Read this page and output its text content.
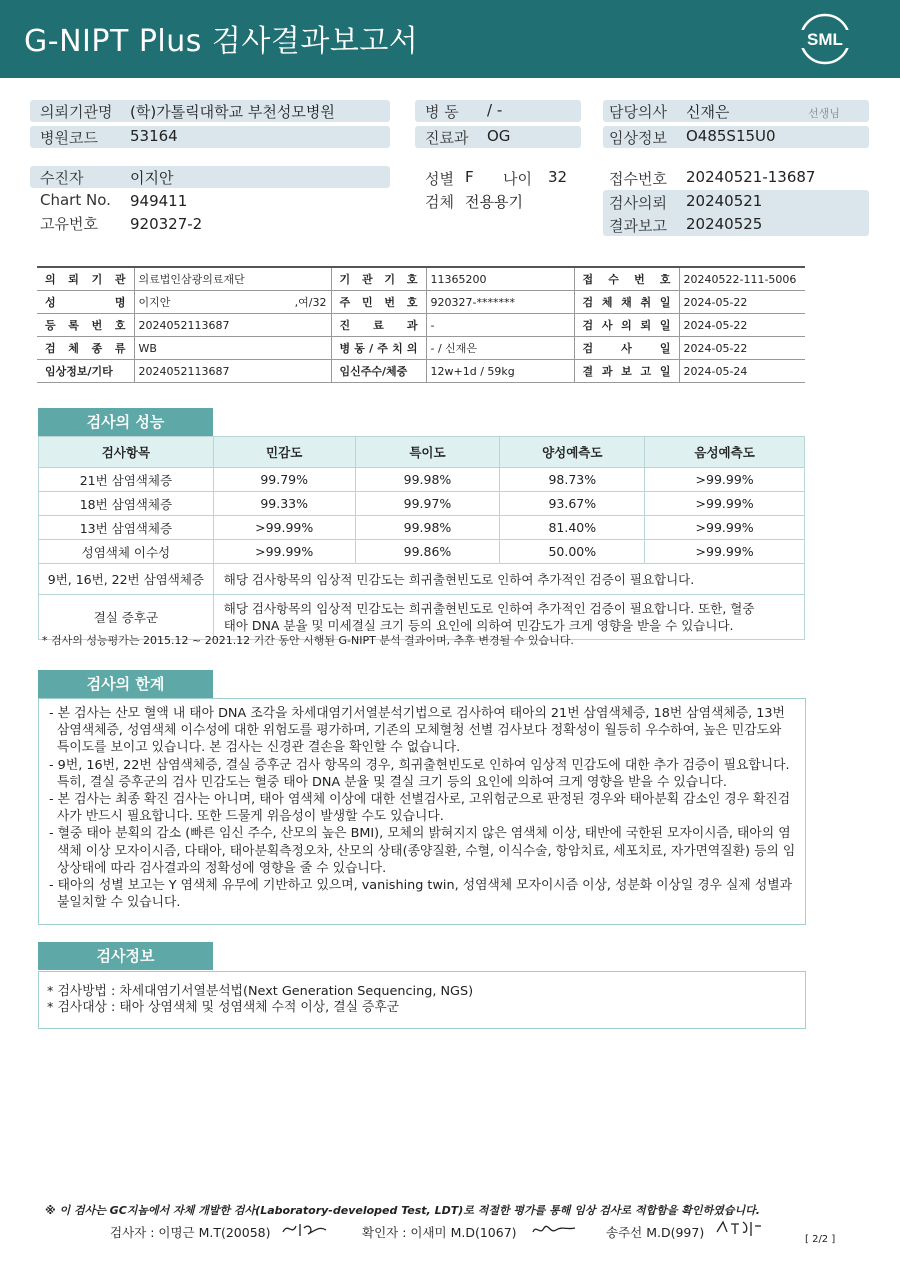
G-NIPT Plus 검사결과보고서	SML
의뢰기관명 (학)가톨릭대학교 부천성모병원	병 동 / -	담당의사 신재은	선생님
병원코드 53164	진료과 OG	임상정보 O485S15U0
수진자	이지안	성별 F 나이 32	접수번호 20240521-13687
Chart No. 949411	검체 전용용기	검사의뢰 20240521
고유번호 920327-2	결과보고 20240525
의 뢰 기 관	의료법인삼광의료재단	기 관 기 호	11365200	접 수 번 호	20240522-111-5006
성 명	이지안 ,여/32	주 민 번 호	920327-*******	검 체 채 취 일	2024-05-22
등 록 번 호	2024052113687	진 료 과	-	검 사 의 뢰 일	2024-05-22
검 체 종 류	WB	병 동 / 주 치 의	- / 신재은	검 사 일	2024-05-22
임상정보/기타	2024052113687	임신주수/체중	12w+1d / 59kg	결 과 보 고 일	2024-05-24
검사의 성능
검사항목	민감도	특이도	양성예측도	음성예측도
21번 삼염색체증	99.79%	99.98%	98.73%	>99.99%
18번 삼염색체증	99.33%	99.97%	93.67%	>99.99%
13번 삼염색체증	>99.99%	99.98%	81.40%	>99.99%
성염색체 이수성	>99.99%	99.86%	50.00%	>99.99%
9번, 16번, 22번 삼염색체증	해당 검사항목의 임상적 민감도는 희귀출현빈도로 인하여 추가적인 검증이 필요합니다.			
결실 증후군	해당 검사항목의 임상적 민감도는 희귀출현빈도로 인하여 추가적인 검증이 필요합니다. 또한, 혈중
태아 DNA 분율 및 미세결실 크기 등의 요인에 의하여 민감도가 크게 영향을 받을 수 있습니다.			
* 검사의 성능평가는 2015.12 ~ 2021.12 기간 동안 시행된 G-NIPT 분석 결과이며, 추후 변경될 수 있습니다.
검사의 한계

- 본 검사는 산모 혈액 내 태아 DNA 조각을 차세대염기서열분석기법으로 검사하여 태아의 21번 삼염색체증, 18번 삼염색체증, 13번 삼염색체증, 성염색체 이수성에 대한 위험도를 평가하며, 기존의 모체혈청 선별 검사보다 정확성이 월등히 우수하여, 높은 민감도와 특이도를 보이고 있습니다. 본 검사는 신경관 결손을 확인할 수 없습니다.

- 9번, 16번, 22번 삼염색체증, 결실 증후군 검사 항목의 경우, 희귀출현빈도로 인하여 임상적 민감도에 대한 추가 검증이 필요합니다. 특히, 결실 증후군의 검사 민감도는 혈중 태아 DNA 분율 및 결실 크기 등의 요인에 의하여 크게 영향을 받을 수 있습니다.

- 본 검사는 최종 확진 검사는 아니며, 태아 염색체 이상에 대한 선별검사로, 고위험군으로 판정된 경우와 태아분획 감소인 경우 확진검사가 반드시 필요합니다. 또한 드물게 위음성이 발생할 수도 있습니다.

- 혈중 태아 분획의 감소 (빠른 임신 주수, 산모의 높은 BMI), 모체의 밝혀지지 않은 염색체 이상, 태반에 국한된 모자이시즘, 태아의 염색체 이상 모자이시즘, 다태아, 태아분획측정오차, 산모의 상태(종양질환, 수혈, 이식수술, 항암치료, 세포치료, 자가면역질환) 등의 임상상태에 따라 검사결과의 정확성에 영향을 줄 수 있습니다.

- 태아의 성별 보고는 Y 염색체 유무에 기반하고 있으며, vanishing twin, 성염색체 모자이시즘 이상, 성분화 이상일 경우 실제 성별과 불일치할 수 있습니다.

검사정보
* 검사방법 : 차세대염기서열분석법(Next Generation Sequencing, NGS)
* 검사대상 : 태아 상염색체 및 성염색체 수적 이상, 결실 증후군
※ 이 검사는 GC지놈에서 자체 개발한 검사(Laboratory-developed Test, LDT)로 적절한 평가를 통해 임상 검사로 적합함을 확인하였습니다.
검사자 : 이명근 M.T(20058)	확인자 : 이새미 M.D(1067)	송주선 M.D(997)	[ 2/2 ]
